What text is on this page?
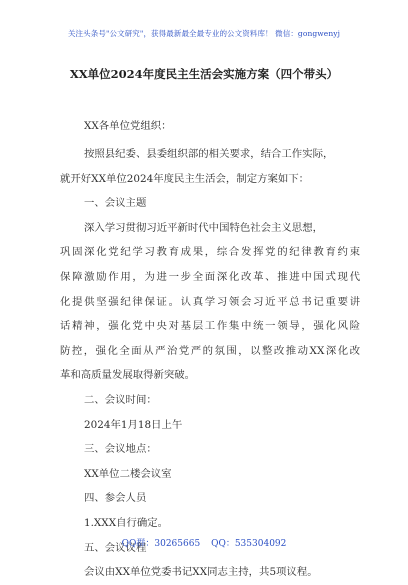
关注头条号"公文研究"，获得最新最全最专业的公文资料库！ 微信：gongwenyj
XX单位2024年度民主生活会实施方案（四个带头）
XX各单位党组织：
按照县纪委、县委组织部的相关要求，结合工作实际，
就开好XX单位2024年度民主生活会，制定方案如下：
一、会议主题
深入学习贯彻习近平新时代中国特色社会主义思想，
巩固深化党纪学习教育成果，综合发挥党的纪律教育约束
保障激励作用，为进一步全面深化改革、推进中国式现代
化提供坚强纪律保证。认真学习领会习近平总书记重要讲
话精神，强化党中央对基层工作集中统一领导，强化风险
防控，强化全面从严治党严的氛围，以整改推动XX深化改
革和高质量发展取得新突破。
二、会议时间：
2024年1月18日上午
三、会议地点：
XX单位二楼会议室
四、参会人员
1.XXX自行确定。
五、会议议程
会议由XX单位党委书记XX同志主持，共5项议程。
QQ群：30265665 QQ：535304092
